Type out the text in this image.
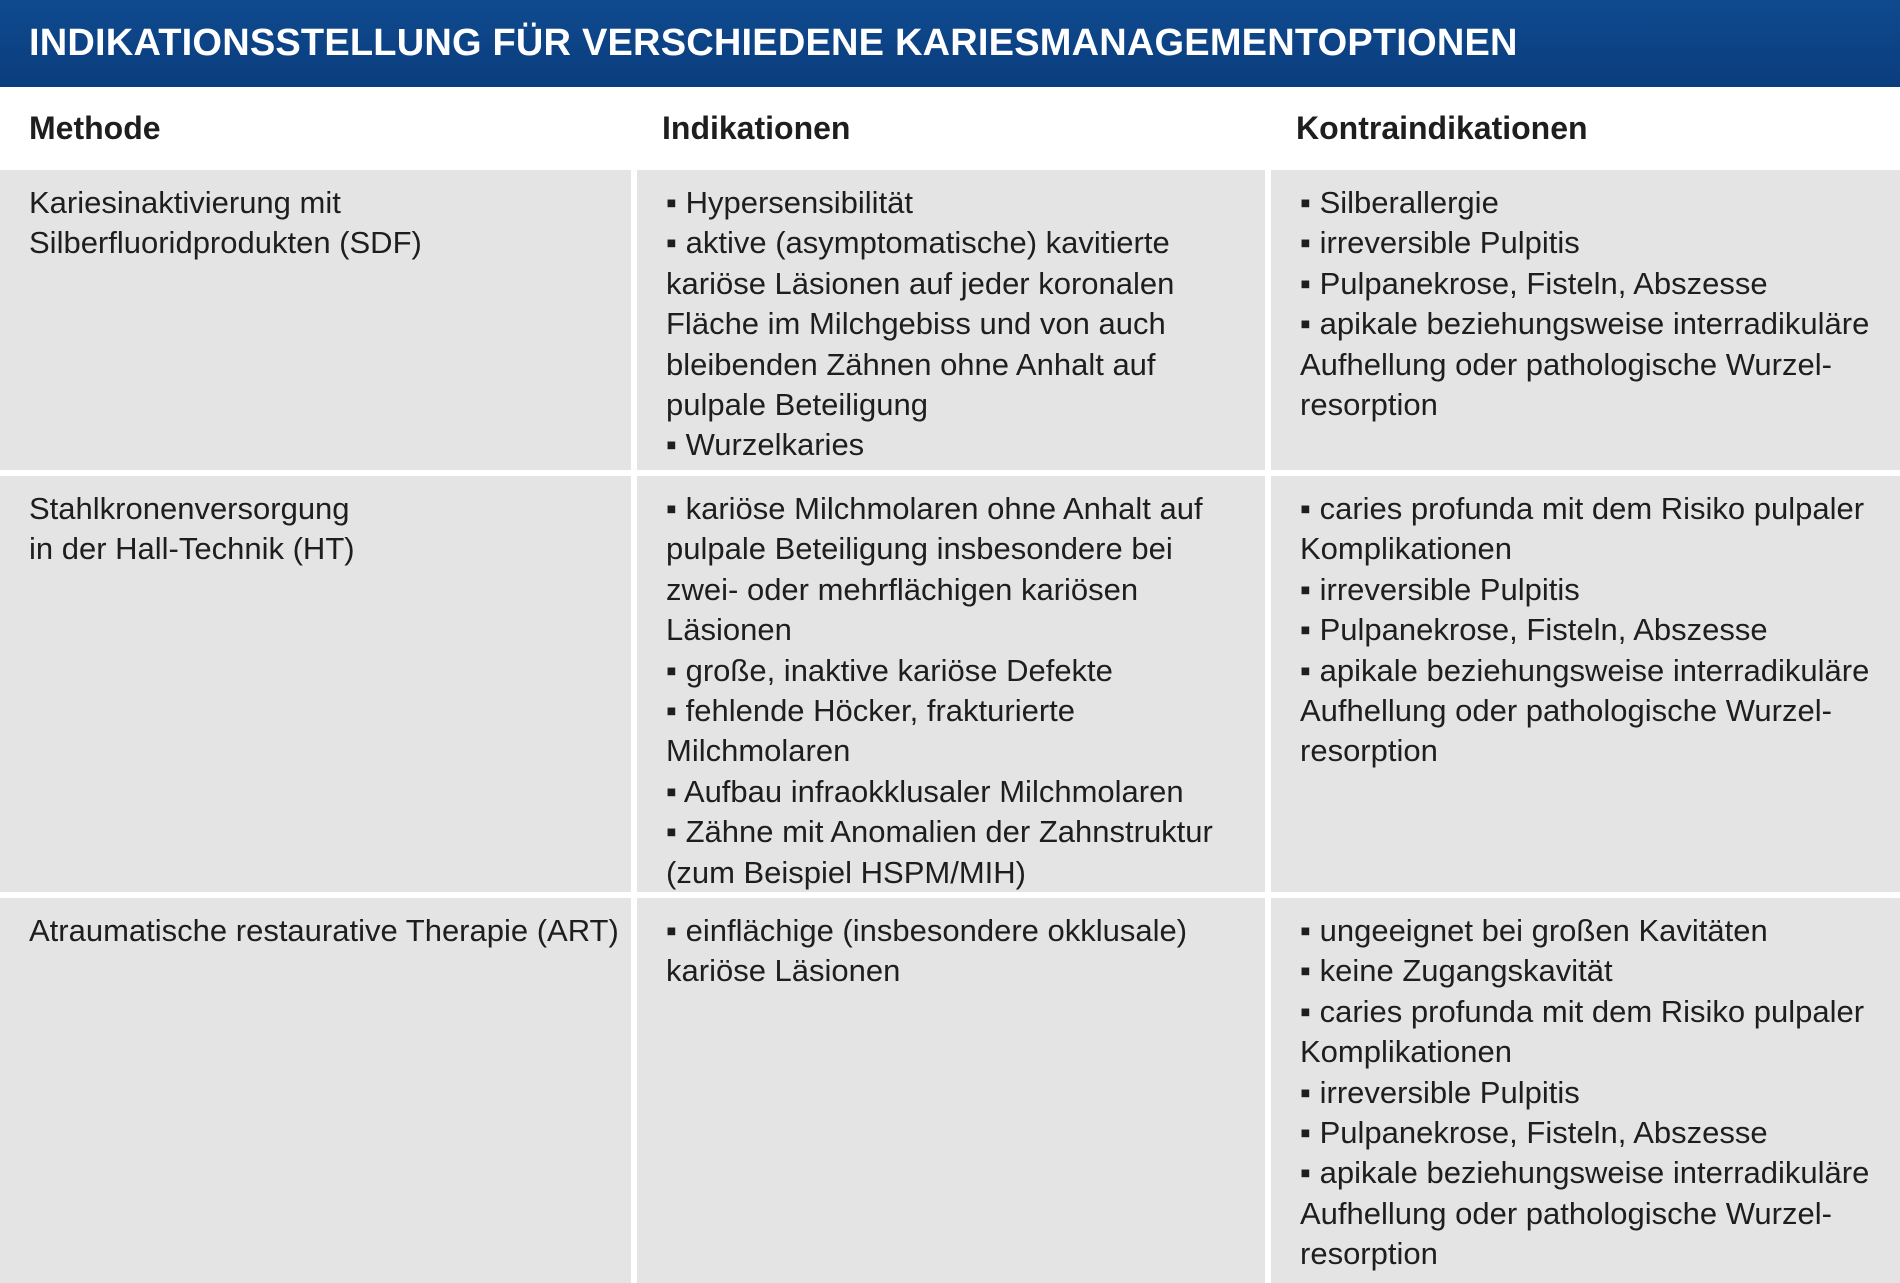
INDIKATIONSSTELLUNG FÜR VERSCHIEDENE KARIESMANAGEMENTOPTIONEN
Methode	Indikationen	Kontraindikationen
Kariesinaktivierung mit
Silberfluoridprodukten (SDF)
▪ Hypersensibilität
▪ aktive (asymptomatische) kavitierte
kariöse Läsionen auf jeder koronalen
Fläche im Milchgebiss und von auch
bleibenden Zähnen ohne Anhalt auf
pulpale Beteiligung
▪ Wurzelkaries
▪ Silberallergie
▪ irreversible Pulpitis
▪ Pulpanekrose, Fisteln, Abszesse
▪ apikale beziehungsweise interradikuläre
Aufhellung oder pathologische Wurzel-
resorption
Stahlkronenversorgung
in der Hall-Technik (HT)
▪ kariöse Milchmolaren ohne Anhalt auf
pulpale Beteiligung insbesondere bei
zwei- oder mehrflächigen kariösen
Läsionen
▪ große, inaktive kariöse Defekte
▪ fehlende Höcker, frakturierte
Milchmolaren
▪ Aufbau infraokklusaler Milchmolaren
▪ Zähne mit Anomalien der Zahnstruktur
(zum Beispiel HSPM/MIH)
▪ caries profunda mit dem Risiko pulpaler
Komplikationen
▪ irreversible Pulpitis
▪ Pulpanekrose, Fisteln, Abszesse
▪ apikale beziehungsweise interradikuläre
Aufhellung oder pathologische Wurzel-
resorption
Atraumatische restaurative Therapie (ART) ▪ einflächige (insbesondere okklusale)
kariöse Läsionen
▪ ungeeignet bei großen Kavitäten
▪ keine Zugangskavität
▪ caries profunda mit dem Risiko pulpaler
Komplikationen
▪ irreversible Pulpitis
▪ Pulpanekrose, Fisteln, Abszesse
▪ apikale beziehungsweise interradikuläre
Aufhellung oder pathologische Wurzel-
resorption
